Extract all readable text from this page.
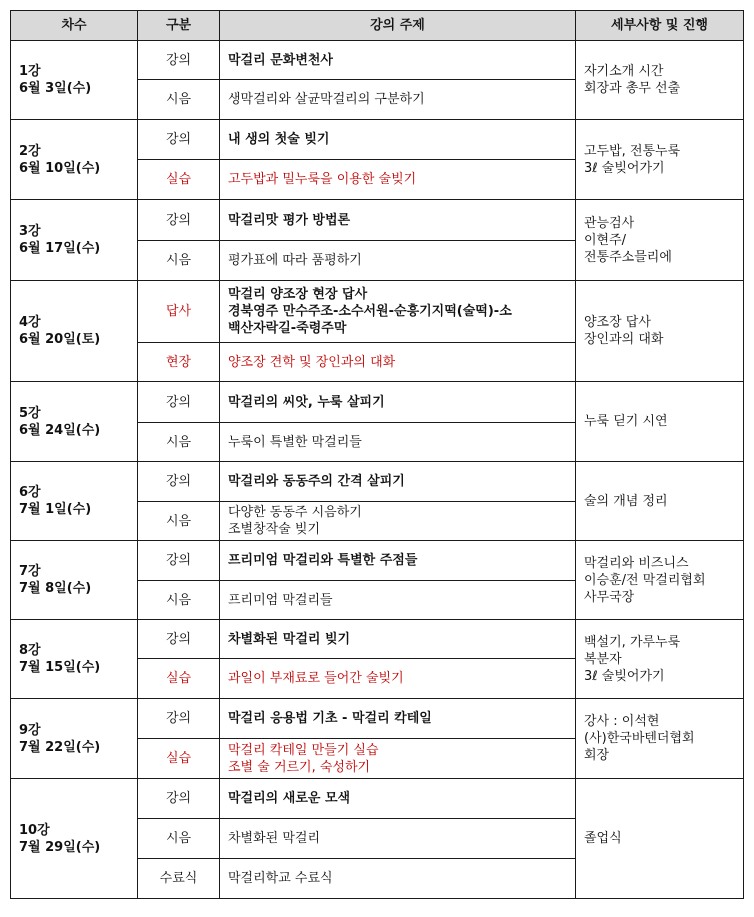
차수	구분	강의 주제	세부사항 및 진행

1강
6월 3일(수)	강의	막걸리 문화변천사	자기소개 시간
회장과 총무 선출

	시음	생막걸리와 살균막걸리의 구분하기	

2강
6월 10일(수)	강의	내 생의 첫술 빚기	고두밥, 전통누룩
3ℓ 술빚어가기

	실습	고두밥과 밀누룩을 이용한 술빚기	

3강
6월 17일(수)	강의	막걸리맛 평가 방법론	관능검사
이현주/
전통주소믈리에

	시음	평가표에 따라 품평하기	

4강
6월 20일(토)	답사	막걸리 양조장 현장 답사
경북영주 만수주조-소수서원-순흥기지떡(술떡)-소
백산자락길-죽령주막	양조장 답사
장인과의 대화

	현장	양조장 견학 및 장인과의 대화	

5강
6월 24일(수)	강의	막걸리의 씨앗, 누룩 살피기	누룩 딛기 시연

	시음	누룩이 특별한 막걸리들	

6강
7월 1일(수)	강의	막걸리와 동동주의 간격 살피기	술의 개념 정리

	시음	다양한 동동주 시음하기
조별창작술 빚기	

7강
7월 8일(수)	강의	프리미엄 막걸리와 특별한 주점들	막걸리와 비즈니스
이승훈/전 막걸리협회
사무국장

	시음	프리미엄 막걸리들	

8강
7월 15일(수)	강의	차별화된 막걸리 빚기	백설기, 가루누룩
복분자
3ℓ 술빚어가기

	실습	과일이 부재료로 들어간 술빚기	

9강
7월 22일(수)	강의	막걸리 응용법 기초 - 막걸리 칵테일	강사 : 이석현
(사)한국바텐더협회
회장

	실습	막걸리 칵테일 만들기 실습
조별 술 거르기, 숙성하기	

10강
7월 29일(수)	강의	막걸리의 새로운 모색	졸업식

	시음	차별화된 막걸리	

	수료식	막걸리학교 수료식	
